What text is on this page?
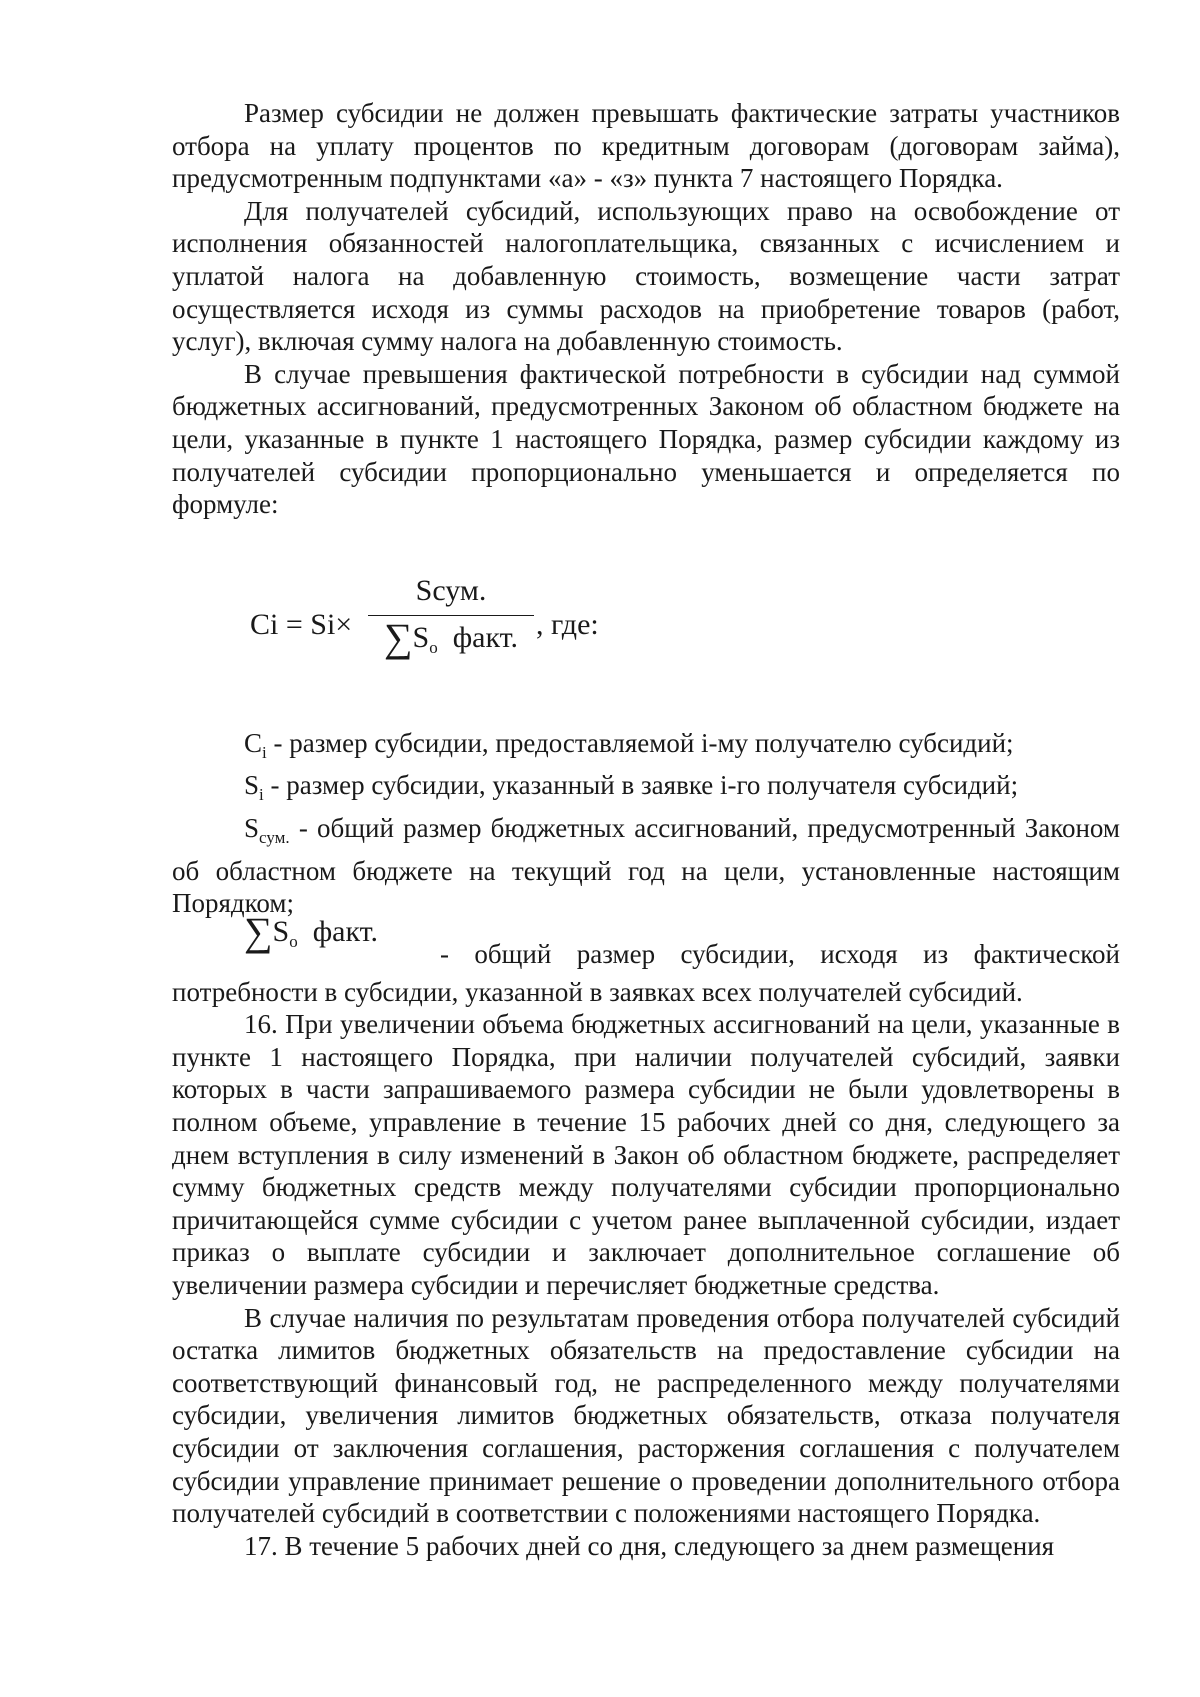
Размер субсидии не должен превышать фактические затраты участников отбора на уплату процентов по кредитным договорам (договорам займа), предусмотренным подпунктами «а» - «з» пункта 7 настоящего Порядка.

Для получателей субсидий, использующих право на освобождение от исполнения обязанностей налогоплательщика, связанных с исчислением и уплатой налога на добавленную стоимость, возмещение части затрат осуществляется исходя из суммы расходов на приобретение товаров (работ, услуг), включая сумму налога на добавленную стоимость.

В случае превышения фактической потребности в субсидии над суммой бюджетных ассигнований, предусмотренных Законом об областном бюджете на цели, указанные в пункте 1 настоящего Порядка, размер субсидии каждому из получателей субсидии пропорционально уменьшается и определяется по формуле:

Ci = Si×
Sсум.
$\sum S_o$ факт. , где:

$C_i$ - размер субсидии, предоставляемой i-му получателю субсидий;

$S_i$ - размер субсидии, указанный в заявке i-го получателя субсидий;

$S_{сум.}$ - общий размер бюджетных ассигнований, предусмотренный Законом об областном бюджете на текущий год на цели, установленные настоящим Порядком;

$\sum S_o$ факт.
- общий размер субсидии, исходя из фактической

потребности в субсидии, указанной в заявках всех получателей субсидий.

16. При увеличении объема бюджетных ассигнований на цели, указанные в пункте 1 настоящего Порядка, при наличии получателей субсидий, заявки которых в части запрашиваемого размера субсидии не были удовлетворены в полном объеме, управление в течение 15 рабочих дней со дня, следующего за днем вступления в силу изменений в Закон об областном бюджете, распределяет сумму бюджетных средств между получателями субсидии пропорционально причитающейся сумме субсидии с учетом ранее выплаченной субсидии, издает приказ о выплате субсидии и заключает дополнительное соглашение об увеличении размера субсидии и перечисляет бюджетные средства.

В случае наличия по результатам проведения отбора получателей субсидий остатка лимитов бюджетных обязательств на предоставление субсидии на соответствующий финансовый год, не распределенного между получателями субсидии, увеличения лимитов бюджетных обязательств, отказа получателя субсидии от заключения соглашения, расторжения соглашения с получателем субсидии управление принимает решение о проведении дополнительного отбора получателей субсидий в соответствии с положениями настоящего Порядка.

17. В течение 5 рабочих дней со дня, следующего за днем размещения
